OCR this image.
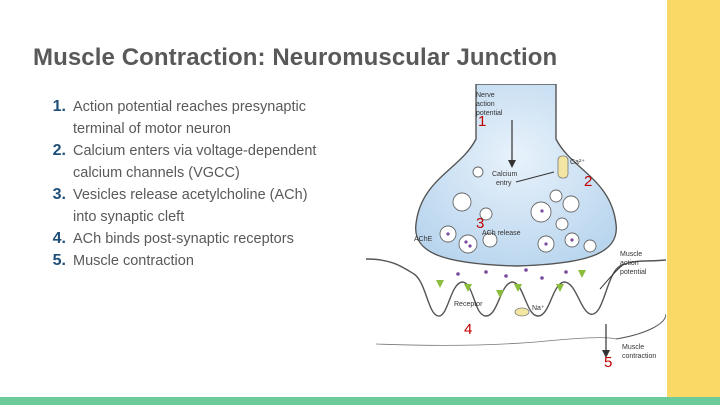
Muscle Contraction: Neuromuscular Junction
1. Action potential reaches presynaptic
terminal of motor neuron
2. Calcium enters via voltage-dependent
calcium channels (VGCC)
3. Vesicles release acetylcholine (ACh)
into synaptic cleft
4. ACh binds post-synaptic receptors
5. Muscle contraction
Nerve
action
potential
Ca²⁺
Calcium
entry
ACh release
AChE
Receptor
Na⁺
Muscle
action
potential
Muscle
contraction
1
2
3
4
5
